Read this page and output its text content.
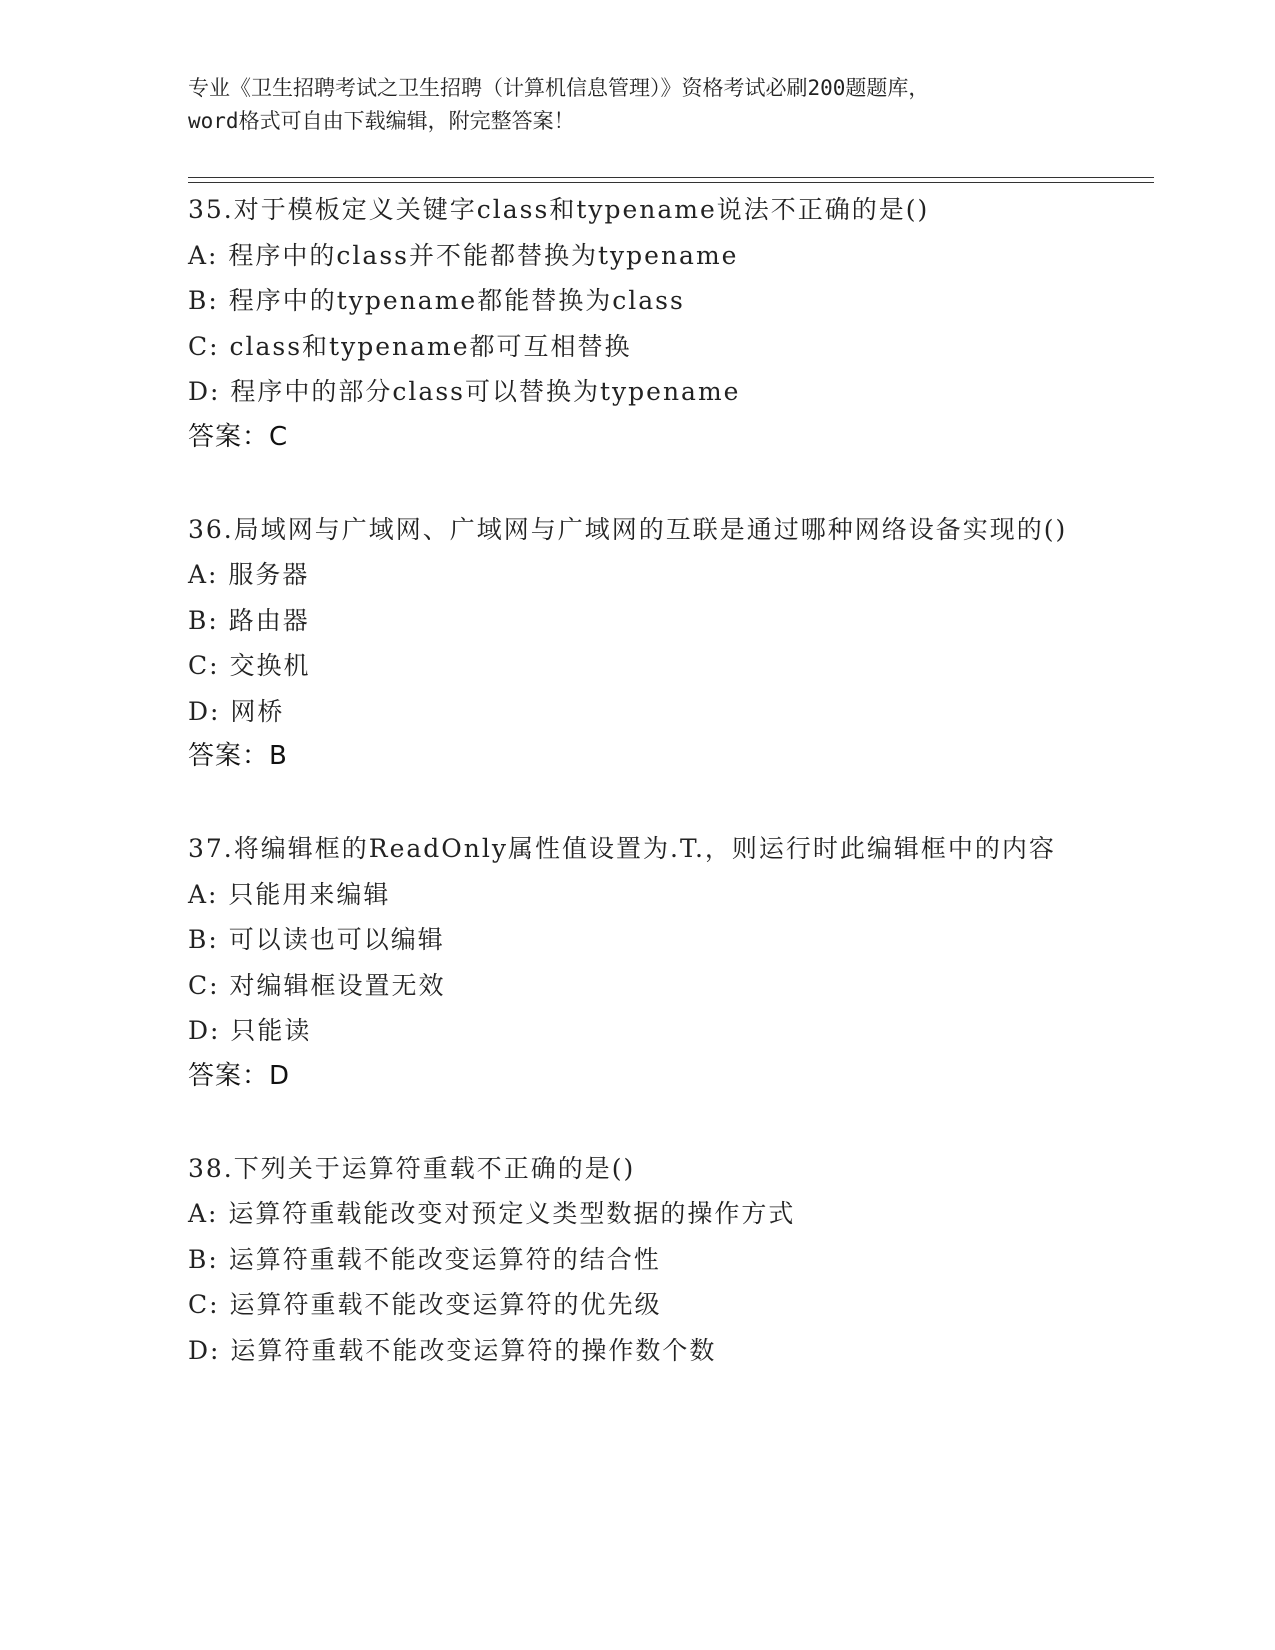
专业《卫生招聘考试之卫生招聘（计算机信息管理）》资格考试必刷200题题库，
word格式可自由下载编辑，附完整答案！
35.对于模板定义关键字class和typename说法不正确的是()
A: 程序中的class并不能都替换为typename
B: 程序中的typename都能替换为class
C: class和typename都可互相替换
D: 程序中的部分class可以替换为typename
答案：C
36.局域网与广域网、广域网与广域网的互联是通过哪种网络设备实现的()
A: 服务器
B: 路由器
C: 交换机
D: 网桥
答案：B
37.将编辑框的ReadOnly属性值设置为.T.，则运行时此编辑框中的内容
A: 只能用来编辑
B: 可以读也可以编辑
C: 对编辑框设置无效
D: 只能读
答案：D
38.下列关于运算符重载不正确的是()
A: 运算符重载能改变对预定义类型数据的操作方式
B: 运算符重载不能改变运算符的结合性
C: 运算符重载不能改变运算符的优先级
D: 运算符重载不能改变运算符的操作数个数
